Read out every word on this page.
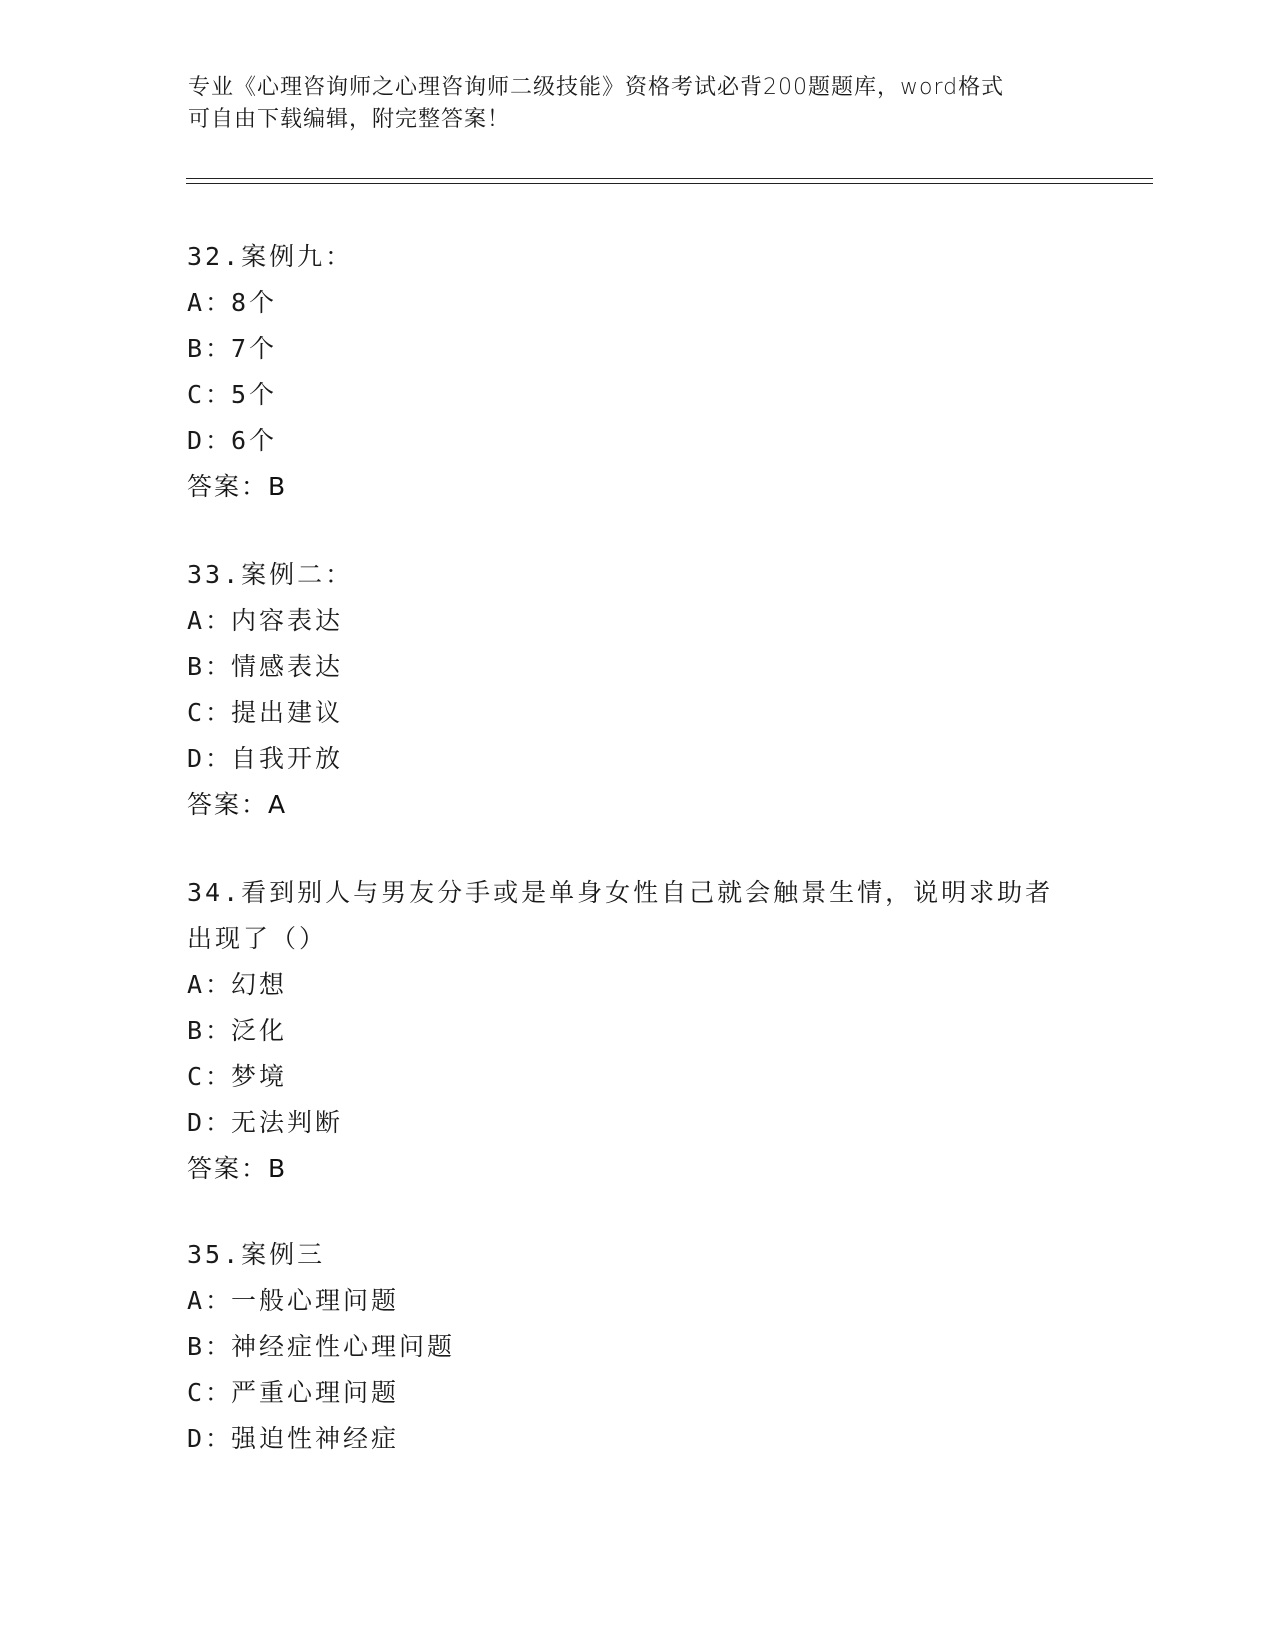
专业《心理咨询师之心理咨询师二级技能》资格考试必背200题题库，word格式
可自由下载编辑，附完整答案！
32.案例九：
A：8个
B：7个
C：5个
D：6个
答案：B
33.案例二：
A：内容表达
B：情感表达
C：提出建议
D：自我开放
答案：A
34.看到别人与男友分手或是单身女性自己就会触景生情，说明求助者出现了（）
A：幻想
B：泛化
C：梦境
D：无法判断
答案：B
35.案例三
A：一般心理问题
B：神经症性心理问题
C：严重心理问题
D：强迫性神经症
